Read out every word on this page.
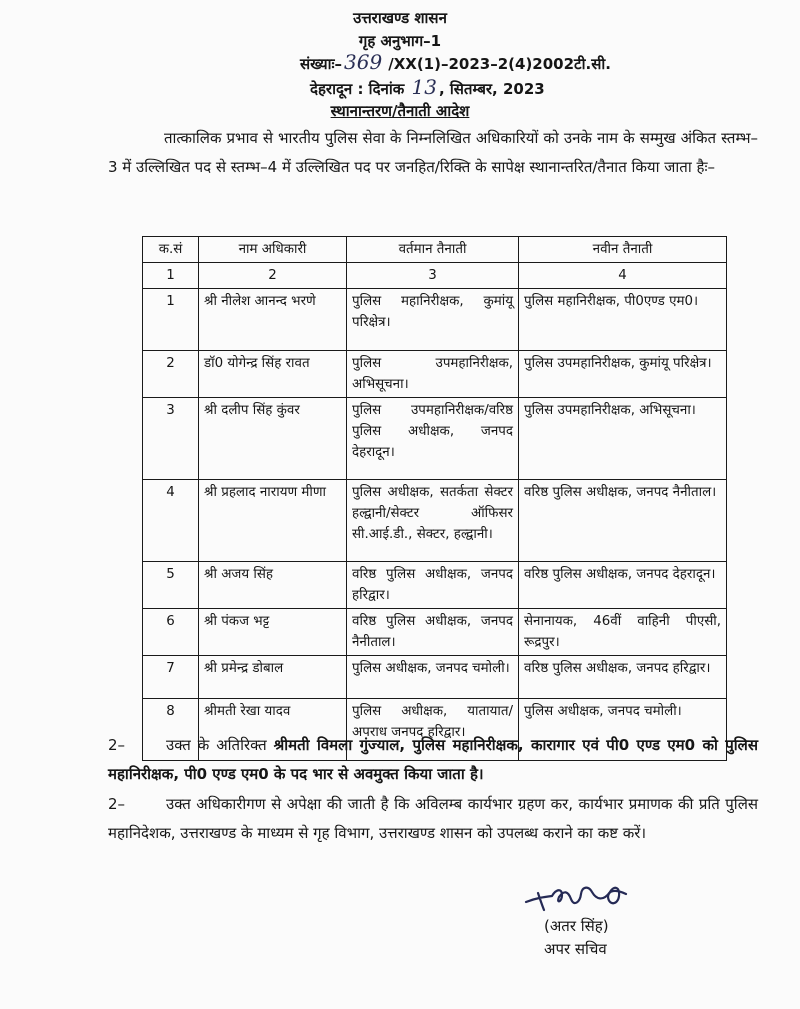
उत्तराखण्ड शासन
गृह अनुभाग–1
संख्याः– 369 /XX(1)–2023–2(4)2002टी.सी.
देहरादून : दिनांक 13 , सितम्बर, 2023
स्थानान्तरण/तैनाती आदेश
तात्कालिक प्रभाव से भारतीय पुलिस सेवा के निम्नलिखित अधिकारियों को उनके नाम के सम्मुख अंकित स्तम्भ–3 में उल्लिखित पद से स्तम्भ–4 में उल्लिखित पद पर जनहित/रिक्ति के सापेक्ष स्थानान्तरित/तैनात किया जाता हैः–
क.सं	नाम अधिकारी	वर्तमान तैनाती	नवीन तैनाती
1	2	3	4
1	श्री नीलेश आनन्द भरणे	पुलिस महानिरीक्षक, कुमांयू परिक्षेत्र।	पुलिस महानिरीक्षक, पी0एण्ड एम0।
2	डॉ0 योगेन्द्र सिंह रावत	पुलिस उपमहानिरीक्षक, अभिसूचना।	पुलिस उपमहानिरीक्षक, कुमांयू परिक्षेत्र।
3	श्री दलीप सिंह कुंवर	पुलिस उपमहानिरीक्षक/वरिष्ठ पुलिस अधीक्षक, जनपद देहरादून।	पुलिस उपमहानिरीक्षक, अभिसूचना।
4	श्री प्रहलाद नारायण मीणा	पुलिस अधीक्षक, सतर्कता सेक्टर हल्द्वानी/सेक्टर ऑफिसर सी.आई.डी., सेक्टर, हल्द्वानी।	वरिष्ठ पुलिस अधीक्षक, जनपद नैनीताल।
5	श्री अजय सिंह	वरिष्ठ पुलिस अधीक्षक, जनपद हरिद्वार।	वरिष्ठ पुलिस अधीक्षक, जनपद देहरादून।
6	श्री पंकज भट्ट	वरिष्ठ पुलिस अधीक्षक, जनपद नैनीताल।	सेनानायक, 46वीं वाहिनी पीएसी, रूद्रपुर।
7	श्री प्रमेन्द्र डोबाल	पुलिस अधीक्षक, जनपद चमोली।	वरिष्ठ पुलिस अधीक्षक, जनपद हरिद्वार।
8	श्रीमती रेखा यादव	पुलिस अधीक्षक, यातायात/अपराध जनपद हरिद्वार।	पुलिस अधीक्षक, जनपद चमोली।
2–	उक्त के अतिरिक्त श्रीमती विमला गुंज्याल, पुलिस महानिरीक्षक, कारागार एवं पी0 एण्ड एम0 को पुलिस महानिरीक्षक, पी0 एण्ड एम0 के पद भार से अवमुक्त किया जाता है।
2–	उक्त अधिकारीगण से अपेक्षा की जाती है कि अविलम्ब कार्यभार ग्रहण कर, कार्यभार प्रमाणक की प्रति पुलिस महानिदेशक, उत्तराखण्ड के माध्यम से गृह विभाग, उत्तराखण्ड शासन को उपलब्ध कराने का कष्ट करें।
(अतर सिंह)
अपर सचिव
